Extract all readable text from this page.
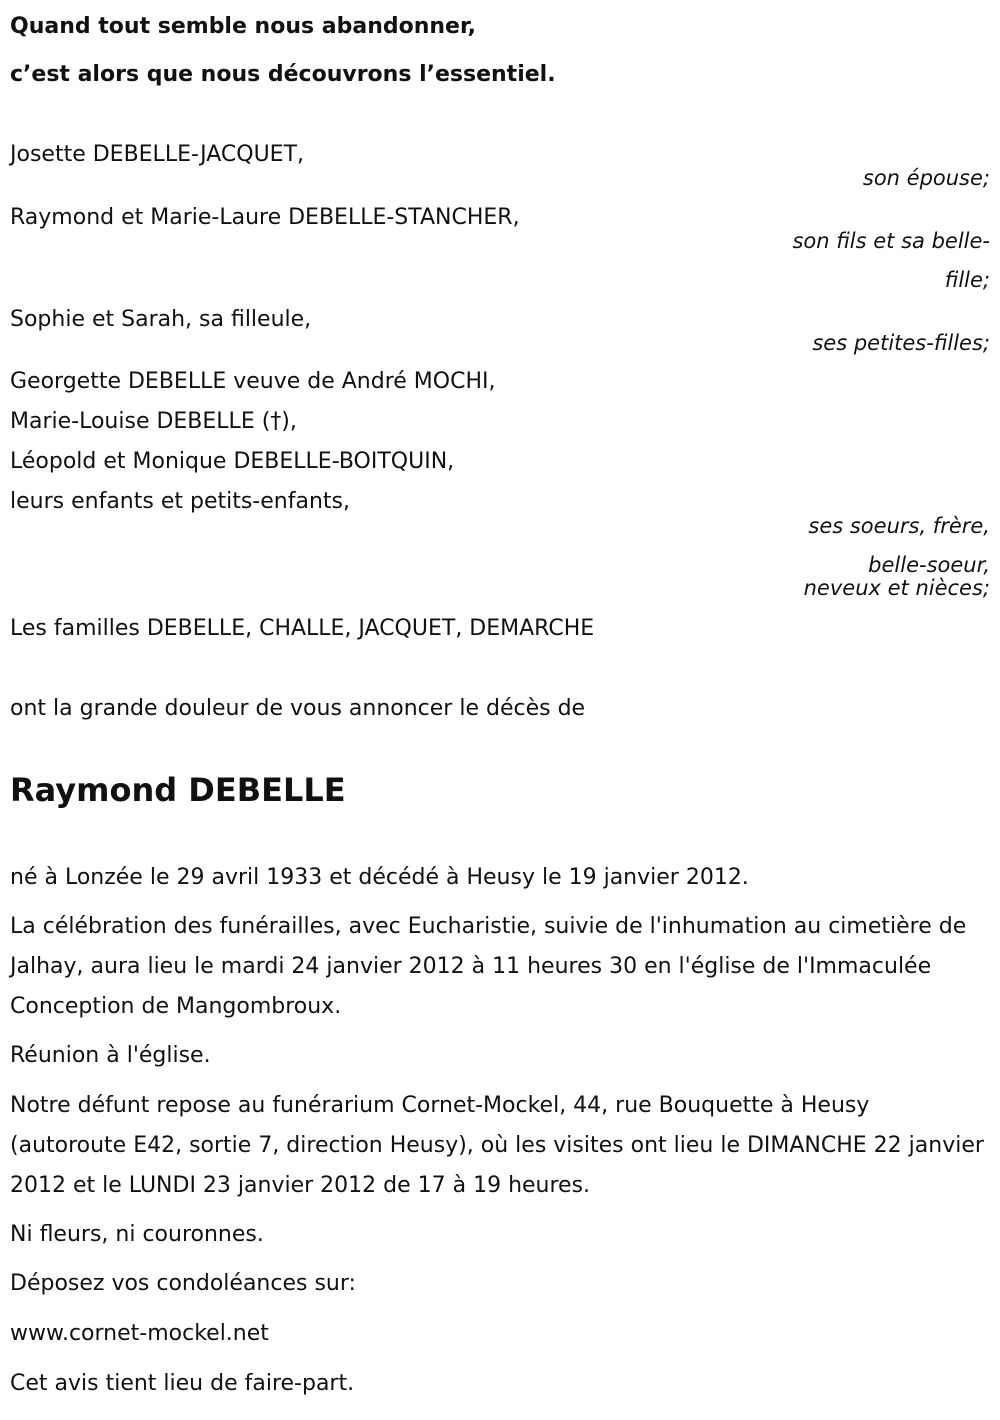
Quand tout semble nous abandonner,
c’est alors que nous découvrons l’essentiel.
Josette DEBELLE-JACQUET,
son épouse;
Raymond et Marie-Laure DEBELLE-STANCHER,
son fils et sa belle-
fille;
Sophie et Sarah, sa filleule,
ses petites-filles;
Georgette DEBELLE veuve de André MOCHI,
Marie-Louise DEBELLE (†),
Léopold et Monique DEBELLE-BOITQUIN,
leurs enfants et petits-enfants,
ses soeurs, frère,
belle-soeur,
neveux et nièces;
Les familles DEBELLE, CHALLE, JACQUET, DEMARCHE
ont la grande douleur de vous annoncer le décès de
Raymond DEBELLE
né à Lonzée le 29 avril 1933 et décédé à Heusy le 19 janvier 2012.
La célébration des funérailles, avec Eucharistie, suivie de l'inhumation au cimetière de Jalhay, aura lieu le mardi 24 janvier 2012 à 11 heures 30 en l'église de l'Immaculée Conception de Mangombroux.
Réunion à l'église.
Notre défunt repose au funérarium Cornet-Mockel, 44, rue Bouquette à Heusy (autoroute E42, sortie 7, direction Heusy), où les visites ont lieu le DIMANCHE 22 janvier 2012 et le LUNDI 23 janvier 2012 de 17 à 19 heures.
Ni fleurs, ni couronnes.
Déposez vos condoléances sur:
www.cornet-mockel.net
Cet avis tient lieu de faire-part.
